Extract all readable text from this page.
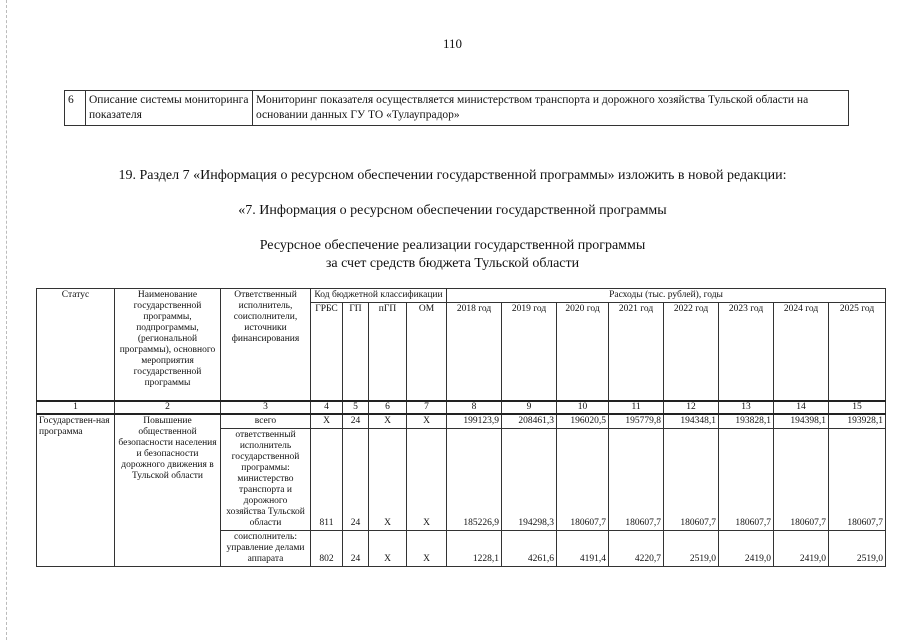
110
6	Описание системы мониторинга показателя	Мониторинг показателя осуществляется министерством транспорта и дорожного хозяйства Тульской области на основании данных ГУ ТО «Тулаупрадор»
19. Раздел 7 «Информация о ресурсном обеспечении государственной программы» изложить в новой редакции:
«7. Информация о ресурсном обеспечении государственной программы
Ресурсное обеспечение реализации государственной программы
за счет средств бюджета Тульской области
Статус	Наименование государственной программы, подпрограммы, (региональной программы), основного мероприятия государственной программы	Ответственный исполнитель, соисполнители, источники финансирования	Код бюджетной классификации				Расходы (тыс. рублей), годы							
			ГРБС	ГП	пГП	ОМ	2018 год	2019 год	2020 год	2021 год	2022 год	2023 год	2024 год	2025 год
1	2	3	4	5	6	7	8	9	10	11	12	13	14	15
Государствен-ная программа	Повышение общественной безопасности населения и безопасности дорожного движения в Тульской области	всего	Х	24	Х	Х	199123,9	208461,3	196020,5	195779,8	194348,1	193828,1	194398,1	193928,1
		ответственный исполнитель государственной программы: министерство транспорта и дорожного хозяйства Тульской области	811	24	Х	Х	185226,9	194298,3	180607,7	180607,7	180607,7	180607,7	180607,7	180607,7
		соисполнитель: управление делами аппарата	802	24	Х	Х	1228,1	4261,6	4191,4	4220,7	2519,0	2419,0	2419,0	2519,0
